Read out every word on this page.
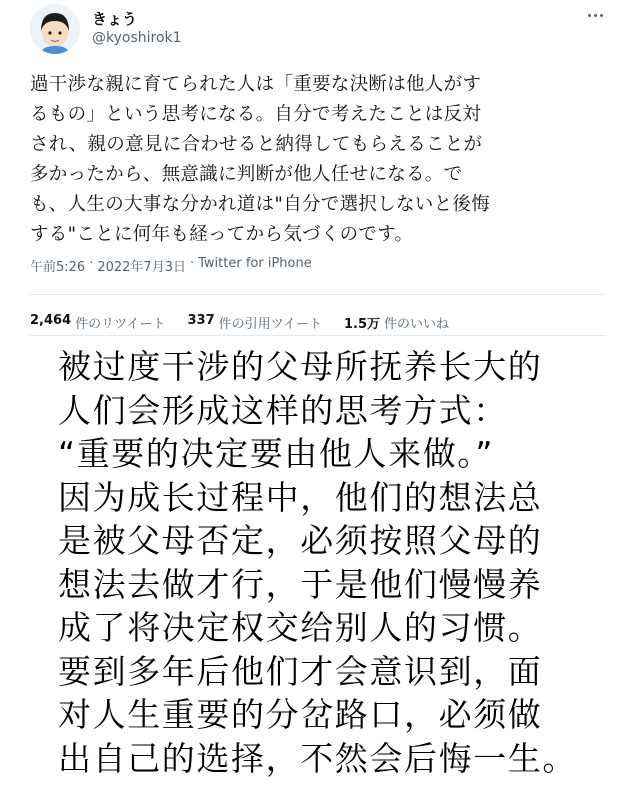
きょう
@kyoshirok1
過干渉な親に育てられた人は「重要な決断は他人がす
るもの」という思考になる。自分で考えたことは反対
され、親の意見に合わせると納得してもらえることが
多かったから、無意識に判断が他人任せになる。で
も、人生の大事な分かれ道は"自分で選択しないと後悔
する"ことに何年も経ってから気づくのです。
午前5:26 · 2022年7月3日 · Twitter for iPhone
2,464 件のリツイート 337 件の引用ツイート 1.5万 件のいいね
被过度干涉的父母所抚养长大的
人们会形成这样的思考方式：
“重要的决定要由他人来做。”
因为成长过程中，他们的想法总
是被父母否定，必须按照父母的
想法去做才行，于是他们慢慢养
成了将决定权交给别人的习惯。
要到多年后他们才会意识到，面
对人生重要的分岔路口，必须做
出自己的选择，不然会后悔一生。
